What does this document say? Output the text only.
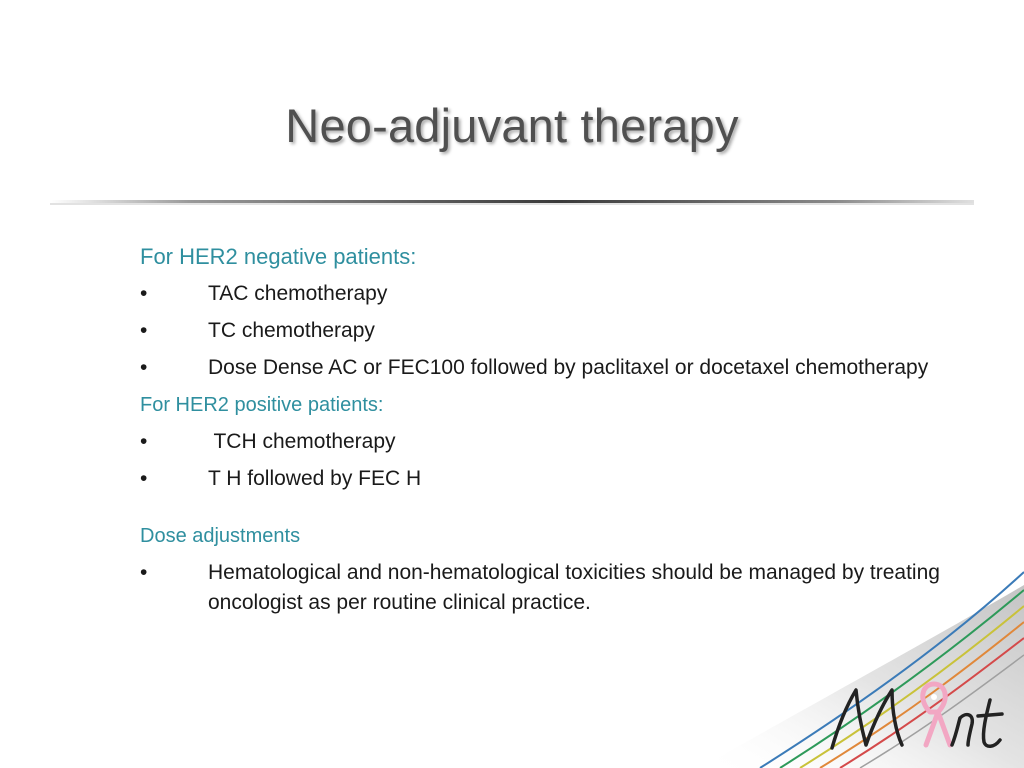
Neo-adjuvant therapy
For HER2 negative patients:
•	TAC chemotherapy
•	TC chemotherapy
•	Dose Dense AC or FEC100 followed by paclitaxel or docetaxel chemotherapy
For HER2 positive patients:
•	TCH chemotherapy
•	T H followed by FEC H
Dose adjustments
•	Hematological and non-hematological toxicities should be managed by treating oncologist as per routine clinical practice.
